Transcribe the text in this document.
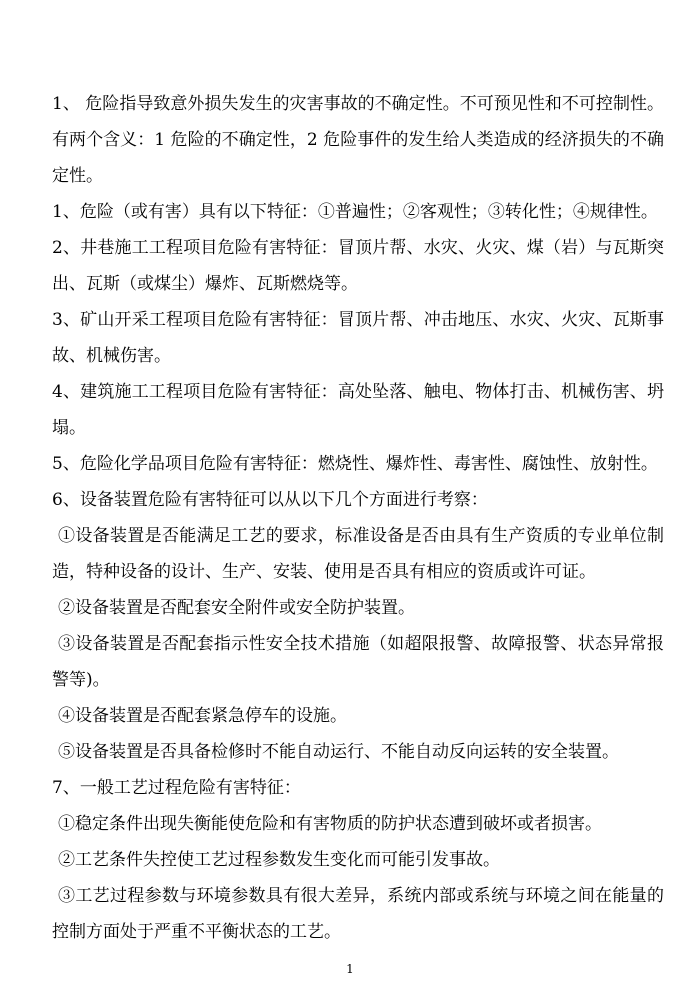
1、 危险指导致意外损失发生的灾害事故的不确定性。不可预见性和不可控制性。有两个含义：1 危险的不确定性，2 危险事件的发生给人类造成的经济损失的不确定性。

1、危险（或有害）具有以下特征：①普遍性；②客观性；③转化性；④规律性。

2、井巷施工工程项目危险有害特征：冒顶片帮、水灾、火灾、煤（岩）与瓦斯突出、瓦斯（或煤尘）爆炸、瓦斯燃烧等。

3、矿山开采工程项目危险有害特征：冒顶片帮、冲击地压、水灾、火灾、瓦斯事故、机械伤害。

4、建筑施工工程项目危险有害特征：高处坠落、触电、物体打击、机械伤害、坍塌。

5、危险化学品项目危险有害特征：燃烧性、爆炸性、毒害性、腐蚀性、放射性。

6、设备装置危险有害特征可以从以下几个方面进行考察：

①设备装置是否能满足工艺的要求，标准设备是否由具有生产资质的专业单位制造，特种设备的设计、生产、安装、使用是否具有相应的资质或许可证。

②设备装置是否配套安全附件或安全防护装置。

③设备装置是否配套指示性安全技术措施（如超限报警、故障报警、状态异常报警等)。

④设备装置是否配套紧急停车的设施。

⑤设备装置是否具备检修时不能自动运行、不能自动反向运转的安全装置。

7、一般工艺过程危险有害特征：

①稳定条件出现失衡能使危险和有害物质的防护状态遭到破坏或者损害。

②工艺条件失控使工艺过程参数发生变化而可能引发事故。

③工艺过程参数与环境参数具有很大差异，系统内部或系统与环境之间在能量的控制方面处于严重不平衡状态的工艺。

1
